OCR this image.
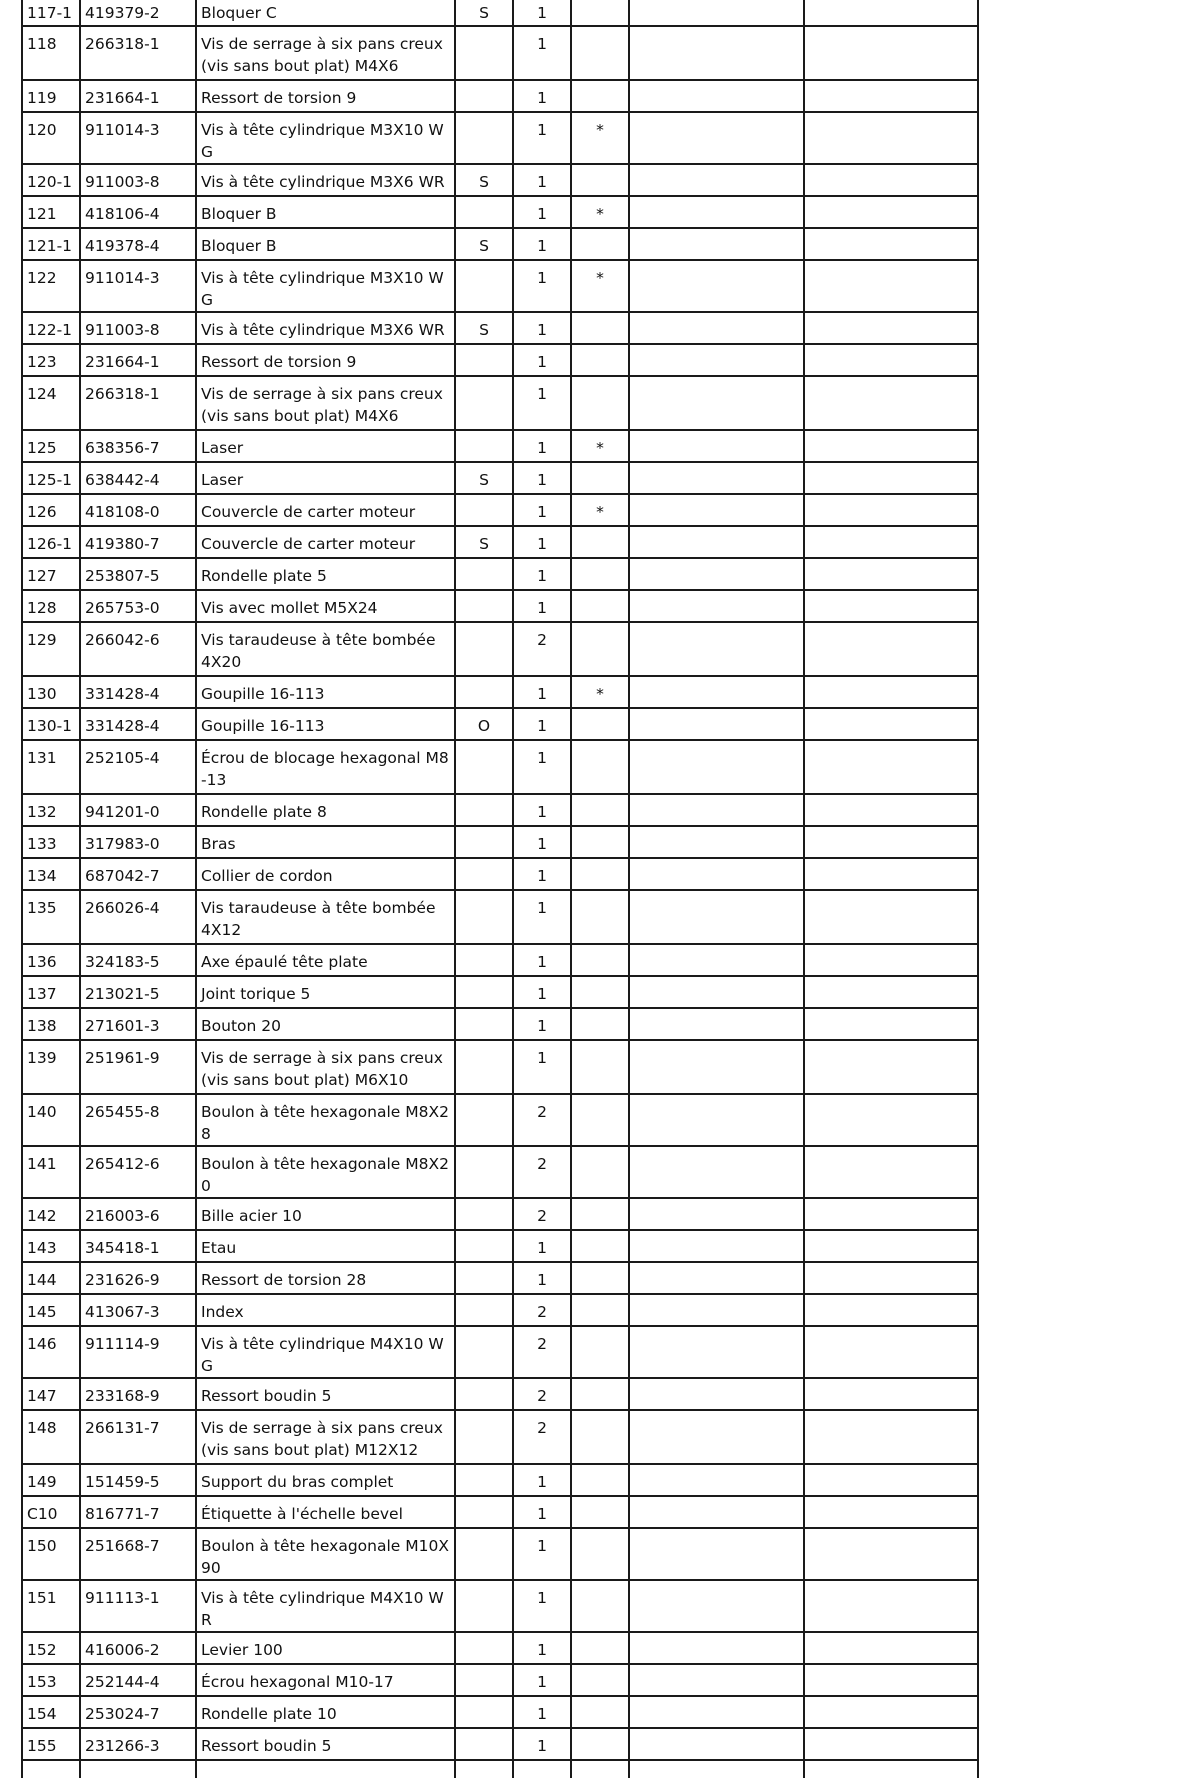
117-1	419379-2	Bloquer C	S	1			
118	266318-1	Vis de serrage à six pans creux (vis sans bout plat) M4X6		1			
119	231664-1	Ressort de torsion 9		1			
120	911014-3	Vis à tête cylindrique M3X10 WG		1	*		
120-1	911003-8	Vis à tête cylindrique M3X6 WR	S	1			
121	418106-4	Bloquer B		1	*		
121-1	419378-4	Bloquer B	S	1			
122	911014-3	Vis à tête cylindrique M3X10 WG		1	*		
122-1	911003-8	Vis à tête cylindrique M3X6 WR	S	1			
123	231664-1	Ressort de torsion 9		1			
124	266318-1	Vis de serrage à six pans creux (vis sans bout plat) M4X6		1			
125	638356-7	Laser		1	*		
125-1	638442-4	Laser	S	1			
126	418108-0	Couvercle de carter moteur		1	*		
126-1	419380-7	Couvercle de carter moteur	S	1			
127	253807-5	Rondelle plate 5		1			
128	265753-0	Vis avec mollet M5X24		1			
129	266042-6	Vis taraudeuse à tête bombée 4X20		2			
130	331428-4	Goupille 16-113		1	*		
130-1	331428-4	Goupille 16-113	O	1			
131	252105-4	Écrou de blocage hexagonal M8-13		1			
132	941201-0	Rondelle plate 8		1			
133	317983-0	Bras		1			
134	687042-7	Collier de cordon		1			
135	266026-4	Vis taraudeuse à tête bombée 4X12		1			
136	324183-5	Axe épaulé tête plate		1			
137	213021-5	Joint torique 5		1			
138	271601-3	Bouton 20		1			
139	251961-9	Vis de serrage à six pans creux (vis sans bout plat) M6X10		1			
140	265455-8	Boulon à tête hexagonale M8X28		2			
141	265412-6	Boulon à tête hexagonale M8X20		2			
142	216003-6	Bille acier 10		2			
143	345418-1	Etau		1			
144	231626-9	Ressort de torsion 28		1			
145	413067-3	Index		2			
146	911114-9	Vis à tête cylindrique M4X10 WG		2			
147	233168-9	Ressort boudin 5		2			
148	266131-7	Vis de serrage à six pans creux (vis sans bout plat) M12X12		2			
149	151459-5	Support du bras complet		1			
C10	816771-7	Étiquette à l'échelle bevel		1			
150	251668-7	Boulon à tête hexagonale M10X90		1			
151	911113-1	Vis à tête cylindrique M4X10 WR		1			
152	416006-2	Levier 100		1			
153	252144-4	Écrou hexagonal M10-17		1			
154	253024-7	Rondelle plate 10		1			
155	231266-3	Ressort boudin 5		1			
